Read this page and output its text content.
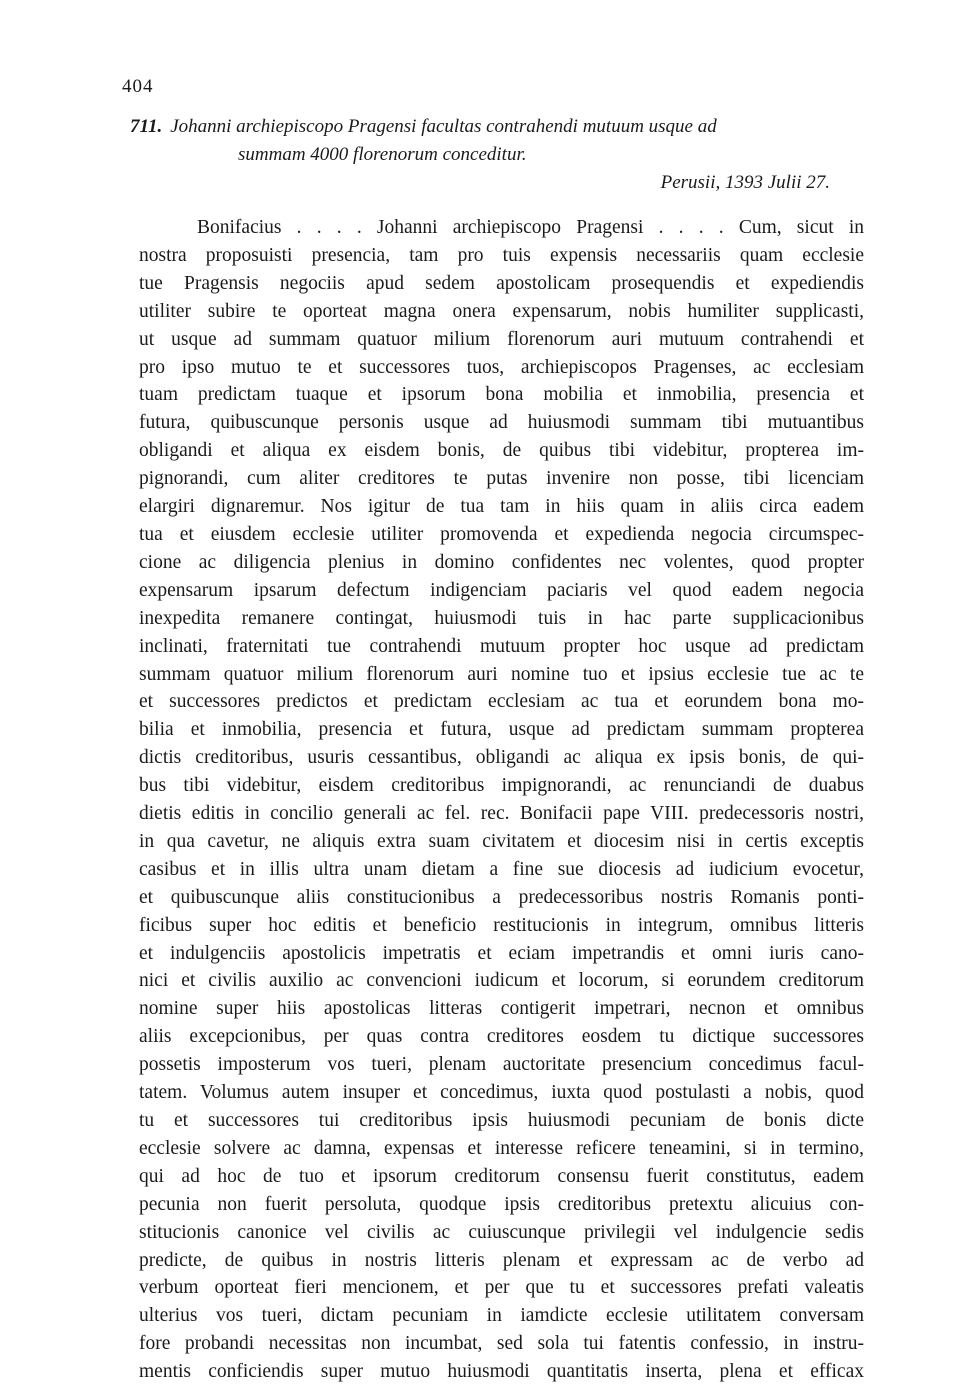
404
711. Johanni archiepiscopo Pragensi facultas contrahendi mutuum usque ad
summam 4000 florenorum conceditur.
Perusii, 1393 Julii 27.
Bonifacius . . . . Johanni archiepiscopo Pragensi . . . . Cum, sicut in
nostra proposuisti presencia, tam pro tuis expensis necessariis quam ecclesie
tue Pragensis negociis apud sedem apostolicam prosequendis et expediendis
utiliter subire te oporteat magna onera expensarum, nobis humiliter supplicasti,
ut usque ad summam quatuor milium florenorum auri mutuum contrahendi et
pro ipso mutuo te et successores tuos, archiepiscopos Pragenses, ac ecclesiam
tuam predictam tuaque et ipsorum bona mobilia et inmobilia, presencia et
futura, quibuscunque personis usque ad huiusmodi summam tibi mutuantibus
obligandi et aliqua ex eisdem bonis, de quibus tibi videbitur, propterea im-
pignorandi, cum aliter creditores te putas invenire non posse, tibi licenciam
elargiri dignaremur. Nos igitur de tua tam in hiis quam in aliis circa eadem
tua et eiusdem ecclesie utiliter promovenda et expedienda negocia circumspec-
cione ac diligencia plenius in domino confidentes nec volentes, quod propter
expensarum ipsarum defectum indigenciam paciaris vel quod eadem negocia
inexpedita remanere contingat, huiusmodi tuis in hac parte supplicacionibus
inclinati, fraternitati tue contrahendi mutuum propter hoc usque ad predictam
summam quatuor milium florenorum auri nomine tuo et ipsius ecclesie tue ac te
et successores predictos et predictam ecclesiam ac tua et eorundem bona mo-
bilia et inmobilia, presencia et futura, usque ad predictam summam propterea
dictis creditoribus, usuris cessantibus, obligandi ac aliqua ex ipsis bonis, de qui-
bus tibi videbitur, eisdem creditoribus impignorandi, ac renunciandi de duabus
dietis editis in concilio generali ac fel. rec. Bonifacii pape VIII. predecessoris nostri,
in qua cavetur, ne aliquis extra suam civitatem et diocesim nisi in certis exceptis
casibus et in illis ultra unam dietam a fine sue diocesis ad iudicium evocetur,
et quibuscunque aliis constitucionibus a predecessoribus nostris Romanis ponti-
ficibus super hoc editis et beneficio restitucionis in integrum, omnibus litteris
et indulgenciis apostolicis impetratis et eciam impetrandis et omni iuris cano-
nici et civilis auxilio ac convencioni iudicum et locorum, si eorundem creditorum
nomine super hiis apostolicas litteras contigerit impetrari, necnon et omnibus
aliis excepcionibus, per quas contra creditores eosdem tu dictique successores
possetis imposterum vos tueri, plenam auctoritate presencium concedimus facul-
tatem. Volumus autem insuper et concedimus, iuxta quod postulasti a nobis, quod
tu et successores tui creditoribus ipsis huiusmodi pecuniam de bonis dicte
ecclesie solvere ac damna, expensas et interesse reficere teneamini, si in termino,
qui ad hoc de tuo et ipsorum creditorum consensu fuerit constitutus, eadem
pecunia non fuerit persoluta, quodque ipsis creditoribus pretextu alicuius con-
stitucionis canonice vel civilis ac cuiuscunque privilegii vel indulgencie sedis
predicte, de quibus in nostris litteris plenam et expressam ac de verbo ad
verbum oporteat fieri mencionem, et per que tu et successores prefati valeatis
ulterius vos tueri, dictam pecuniam in iamdicte ecclesie utilitatem conversam
fore probandi necessitas non incumbat, sed sola tui fatentis confessio, in instru-
mentis conficiendis super mutuo huiusmodi quantitatis inserta, plena et efficax
